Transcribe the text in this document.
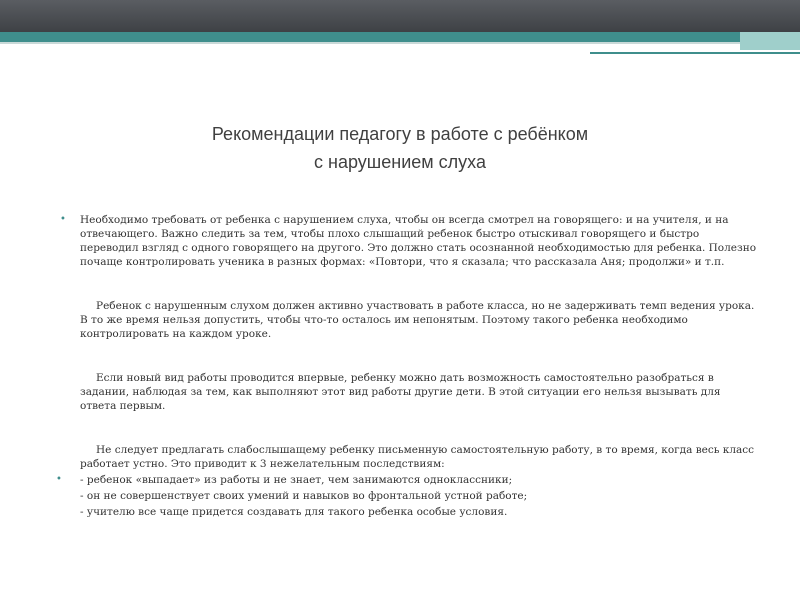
Рекомендации педагогу в работе с ребёнком
с нарушением слуха

• Необходимо требовать от ребенка с нарушением слуха, чтобы он всегда смотрел на говорящего: и на учителя, и на отвечающего. Важно следить за тем, чтобы плохо слышащий ребенок быстро отыскивал говорящего и быстро переводил взгляд с одного говорящего на другого. Это должно стать осознанной необходимостью для ребенка. Полезно почаще контролировать ученика в разных формах: «Повтори, что я сказала; что рассказала Аня; продолжи» и т.п.

Ребенок с нарушенным слухом должен активно участвовать в работе класса, но не задерживать темп ведения урока. В то же время нельзя допустить, чтобы что-то осталось им непонятым. Поэтому такого ребенка необходимо контролировать на каждом уроке.

Если новый вид работы проводится впервые, ребенку можно дать возможность самостоятельно разобраться в задании, наблюдая за тем, как выполняют этот вид работы другие дети. В этой ситуации его нельзя вызывать для ответа первым.

Не следует предлагать слабослышащему ребенку письменную самостоятельную работу, в то время, когда весь класс работает устно. Это приводит к 3 нежелательным последствиям:

• - ребенок «выпадает» из работы и не знает, чем занимаются одноклассники;
- он не совершенствует своих умений и навыков во фронтальной устной работе;
- учителю все чаще придется создавать для такого ребенка особые условия.
